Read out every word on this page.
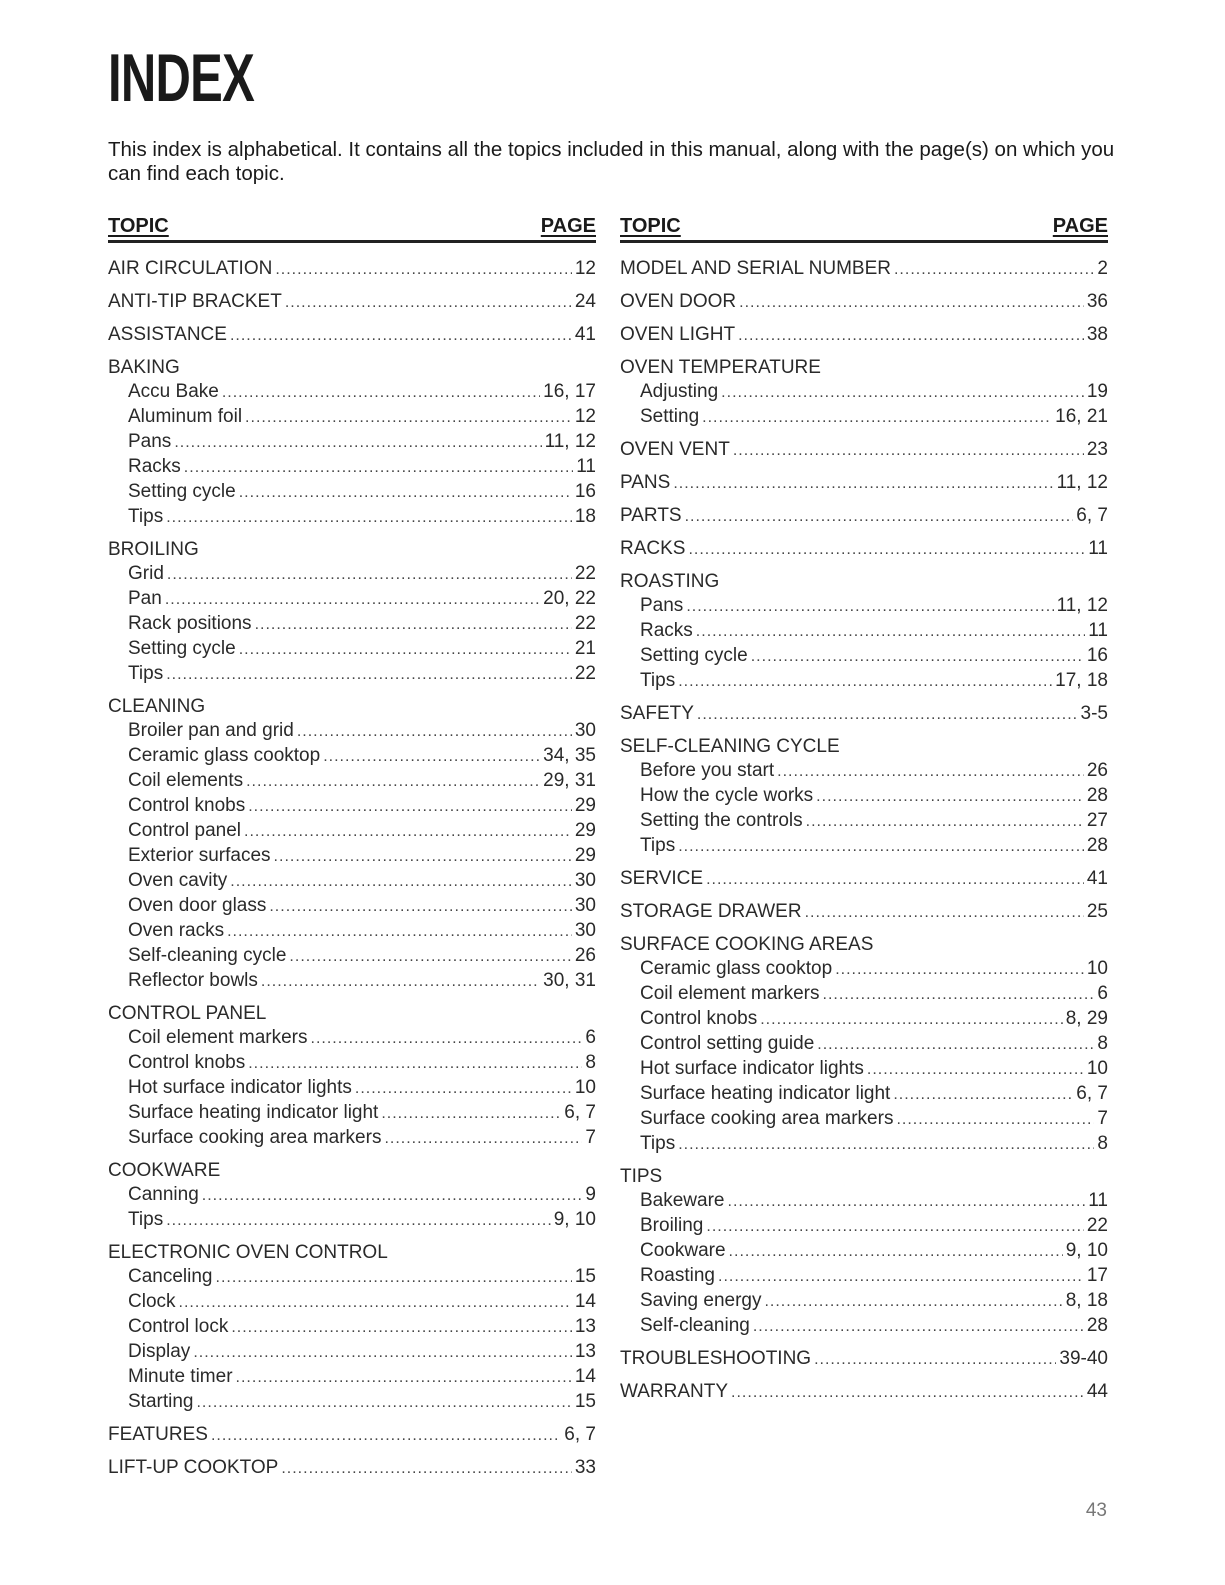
INDEX
This index is alphabetical. It contains all the topics included in this manual, along with the page(s) on which you can find each topic.
TOPIC	PAGE
AIR CIRCULATION .....	12
ANTI-TIP BRACKET .....	24
ASSISTANCE .....	41
BAKING
Accu Bake .....	16, 17
Aluminum foil .....	12
Pans .....	11, 12
Racks .....	11
Setting cycle .....	16
Tips .....	18
BROILING
Grid .....	22
Pan .....	20, 22
Rack positions .....	22
Setting cycle .....	21
Tips .....	22
CLEANING
Broiler pan and grid .....	30
Ceramic glass cooktop .....	34, 35
Coil elements .....	29, 31
Control knobs .....	29
Control panel .....	29
Exterior surfaces .....	29
Oven cavity .....	30
Oven door glass .....	30
Oven racks .....	30
Self-cleaning cycle .....	26
Reflector bowls .....	30, 31
CONTROL PANEL
Coil element markers .....	6
Control knobs .....	8
Hot surface indicator lights .....	10
Surface heating indicator light .....	6, 7
Surface cooking area markers .....	7
COOKWARE
Canning .....	9
Tips .....	9, 10
ELECTRONIC OVEN CONTROL
Canceling .....	15
Clock .....	14
Control lock .....	13
Display .....	13
Minute timer .....	14
Starting .....	15
FEATURES .....	6, 7
LIFT-UP COOKTOP .....	33
TOPIC	PAGE
MODEL AND SERIAL NUMBER .....	2
OVEN DOOR .....	36
OVEN LIGHT .....	38
OVEN TEMPERATURE
Adjusting .....	19
Setting .....	16, 21
OVEN VENT .....	23
PANS .....	11, 12
PARTS .....	6, 7
RACKS .....	11
ROASTING
Pans .....	11, 12
Racks .....	11
Setting cycle .....	16
Tips .....	17, 18
SAFETY .....	3-5
SELF-CLEANING CYCLE
Before you start .....	26
How the cycle works .....	28
Setting the controls .....	27
Tips .....	28
SERVICE .....	41
STORAGE DRAWER .....	25
SURFACE COOKING AREAS
Ceramic glass cooktop .....	10
Coil element markers .....	6
Control knobs .....	8, 29
Control setting guide .....	8
Hot surface indicator lights .....	10
Surface heating indicator light .....	6, 7
Surface cooking area markers .....	7
Tips .....	8
TIPS
Bakeware .....	11
Broiling .....	22
Cookware .....	9, 10
Roasting .....	17
Saving energy .....	8, 18
Self-cleaning .....	28
TROUBLESHOOTING .....	39-40
WARRANTY .....	44
43
